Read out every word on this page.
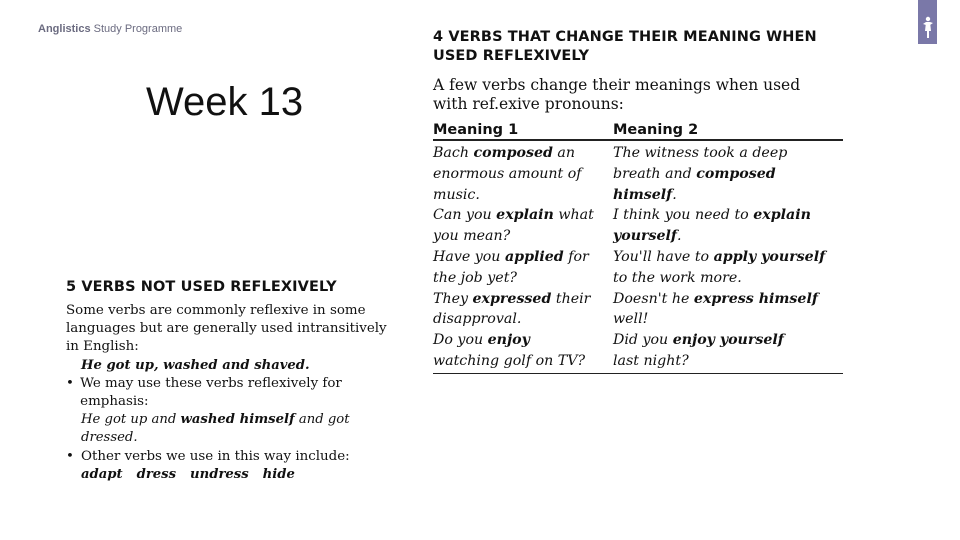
Anglistics Study Programme
Week 13
4 VERBS THAT CHANGE THEIR MEANING WHEN USED REFLEXIVELY
A few verbs change their meanings when used with ref.exive pronouns:
Meaning 1	Meaning 2
Bach composed an enormous amount of music.
The witness took a deep breath and composed himself.
Can you explain what you mean?
I think you need to explain yourself.
Have you applied for the job yet?
You'll have to apply yourself to the work more.
They expressed their disapproval.
Doesn't he express himself well!
Do you enjoy watching golf on TV?
Did you enjoy yourself last night?
5 VERBS NOT USED REFLEXIVELY
Some verbs are commonly reflexive in some languages but are generally used intransitively in English:
He got up, washed and shaved.
• We may use these verbs reflexively for emphasis:
He got up and washed himself and got dressed.
• Other verbs we use in this way include:
adapt dress undress hide
